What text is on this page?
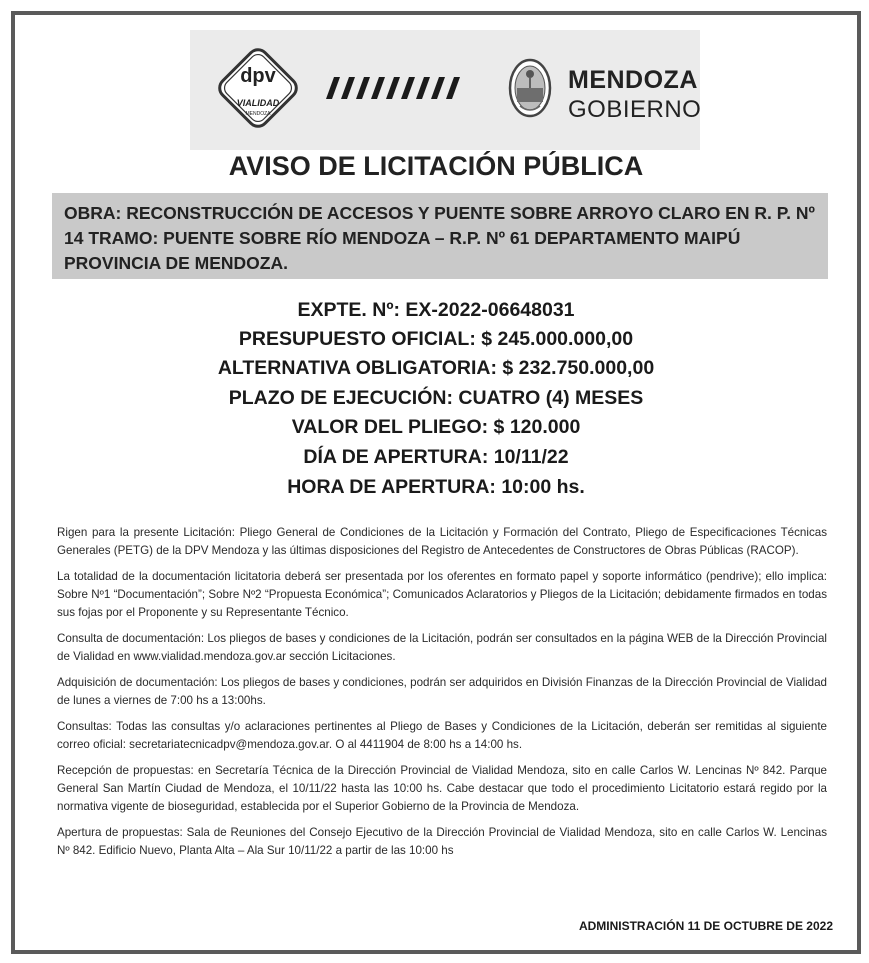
dpv
VIALIDAD
MENDOZA
MENDOZA
GOBIERNO
AVISO DE LICITACIÓN PÚBLICA
OBRA: RECONSTRUCCIÓN DE ACCESOS Y PUENTE SOBRE ARROYO CLARO EN R. P. Nº 14 TRAMO: PUENTE SOBRE RÍO MENDOZA – R.P. Nº 61 DEPARTAMENTO MAIPÚ PROVINCIA DE MENDOZA.
EXPTE. Nº: EX-2022-06648031
PRESUPUESTO OFICIAL: $ 245.000.000,00
ALTERNATIVA OBLIGATORIA: $ 232.750.000,00
PLAZO DE EJECUCIÓN: CUATRO (4) MESES
VALOR DEL PLIEGO: $ 120.000
DÍA DE APERTURA: 10/11/22
HORA DE APERTURA: 10:00 hs.

Rigen para la presente Licitación: Pliego General de Condiciones de la Licitación y Formación del Contrato, Pliego de Especificaciones Técnicas Generales (PETG) de la DPV Mendoza y las últimas disposiciones del Registro de Antecedentes de Constructores de Obras Públicas (RACOP).

La totalidad de la documentación licitatoria deberá ser presentada por los oferentes en formato papel y soporte informático (pendrive); ello implica: Sobre Nº1 “Documentación”; Sobre Nº2 “Propuesta Económica”; Comunicados Aclaratorios y Pliegos de la Licitación; debidamente firmados en todas sus fojas por el Proponente y su Representante Técnico.

Consulta de documentación: Los pliegos de bases y condiciones de la Licitación, podrán ser consultados en la página WEB de la Dirección Provincial de Vialidad en www.vialidad.mendoza.gov.ar sección Licitaciones.

Adquisición de documentación: Los pliegos de bases y condiciones, podrán ser adquiridos en División Finanzas de la Dirección Provincial de Vialidad de lunes a viernes de 7:00 hs a 13:00hs.

Consultas: Todas las consultas y/o aclaraciones pertinentes al Pliego de Bases y Condiciones de la Licitación, deberán ser remitidas al siguiente correo oficial: secretariatecnicadpv@mendoza.gov.ar. O al 4411904 de 8:00 hs a 14:00 hs.

Recepción de propuestas: en Secretaría Técnica de la Dirección Provincial de Vialidad Mendoza, sito en calle Carlos W. Lencinas Nº 842. Parque General San Martín Ciudad de Mendoza, el 10/11/22 hasta las 10:00 hs. Cabe destacar que todo el procedimiento Licitatorio estará regido por la normativa vigente de bioseguridad, establecida por el Superior Gobierno de la Provincia de Mendoza.

Apertura de propuestas: Sala de Reuniones del Consejo Ejecutivo de la Dirección Provincial de Vialidad Mendoza, sito en calle Carlos W. Lencinas Nº 842. Edificio Nuevo, Planta Alta – Ala Sur 10/11/22 a partir de las 10:00 hs

ADMINISTRACIÓN 11 DE OCTUBRE DE 2022
